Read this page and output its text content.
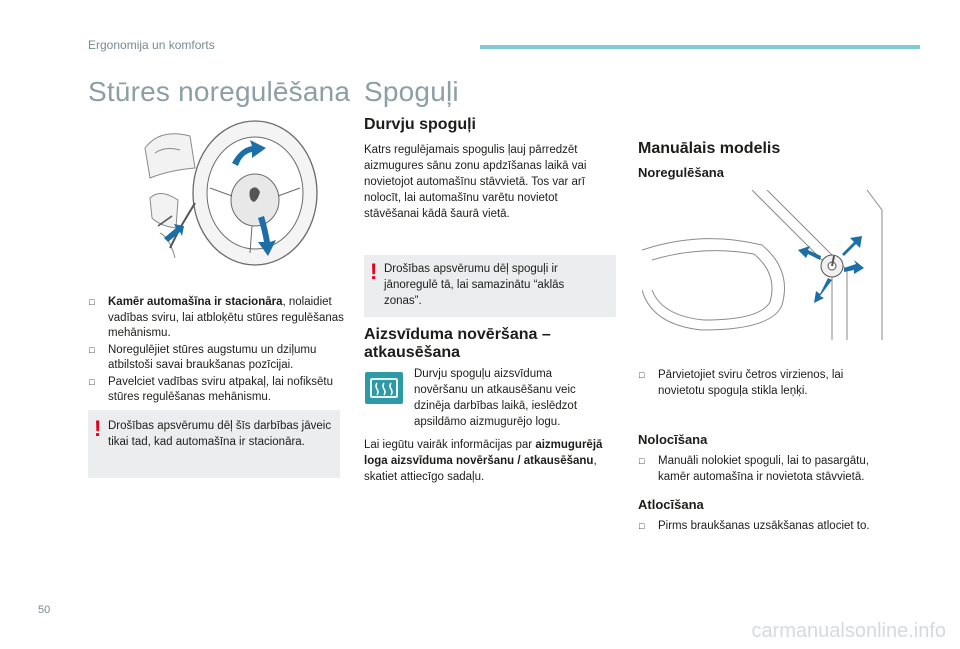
Ergonomija un komforts
Stūres noregulēšana
□ Kamēr automašīna ir stacionāra, nolaidiet vadības sviru, lai atbloķētu stūres regulēšanas mehānismu.
□ Noregulējiet stūres augstumu un dziļumu atbilstoši savai braukšanas pozīcijai.
□ Pavelciet vadības sviru atpakaļ, lai nofiksētu stūres regulēšanas mehānismu.
! Drošības apsvērumu dēļ šīs darbības jāveic tikai tad, kad automašīna ir stacionāra.
Spoguļi
Durvju spoguļi
Katrs regulējamais spogulis ļauj pārredzēt aizmugures sānu zonu apdzīšanas laikā vai novietojot automašīnu stāvvietā. Tos var arī nolocīt, lai automašīnu varētu novietot stāvēšanai kādā šaurā vietā.
! Drošības apsvērumu dēļ spoguļi ir jānoregulē tā, lai samazinātu “aklās zonas”.
Aizsvīduma novēršana – atkausēšana
Durvju spoguļu aizsvīduma novēršanu un atkausēšanu veic dzinēja darbības laikā, ieslēdzot apsildāmo aizmugurējo logu.
Lai iegūtu vairāk informācijas par aizmugurējā loga aizsvīduma novēršanu / atkausēšanu, skatiet attiecīgo sadaļu.
Manuālais modelis
Noregulēšana
□ Pārvietojiet sviru četros virzienos, lai novietotu spoguļa stikla leņķi.
Nolocīšana
□ Manuāli nolokiet spoguli, lai to pasargātu, kamēr automašīna ir novietota stāvvietā.
Atlocīšana
□ Pirms braukšanas uzsākšanas atlociet to.
50
carmanualsonline.info
